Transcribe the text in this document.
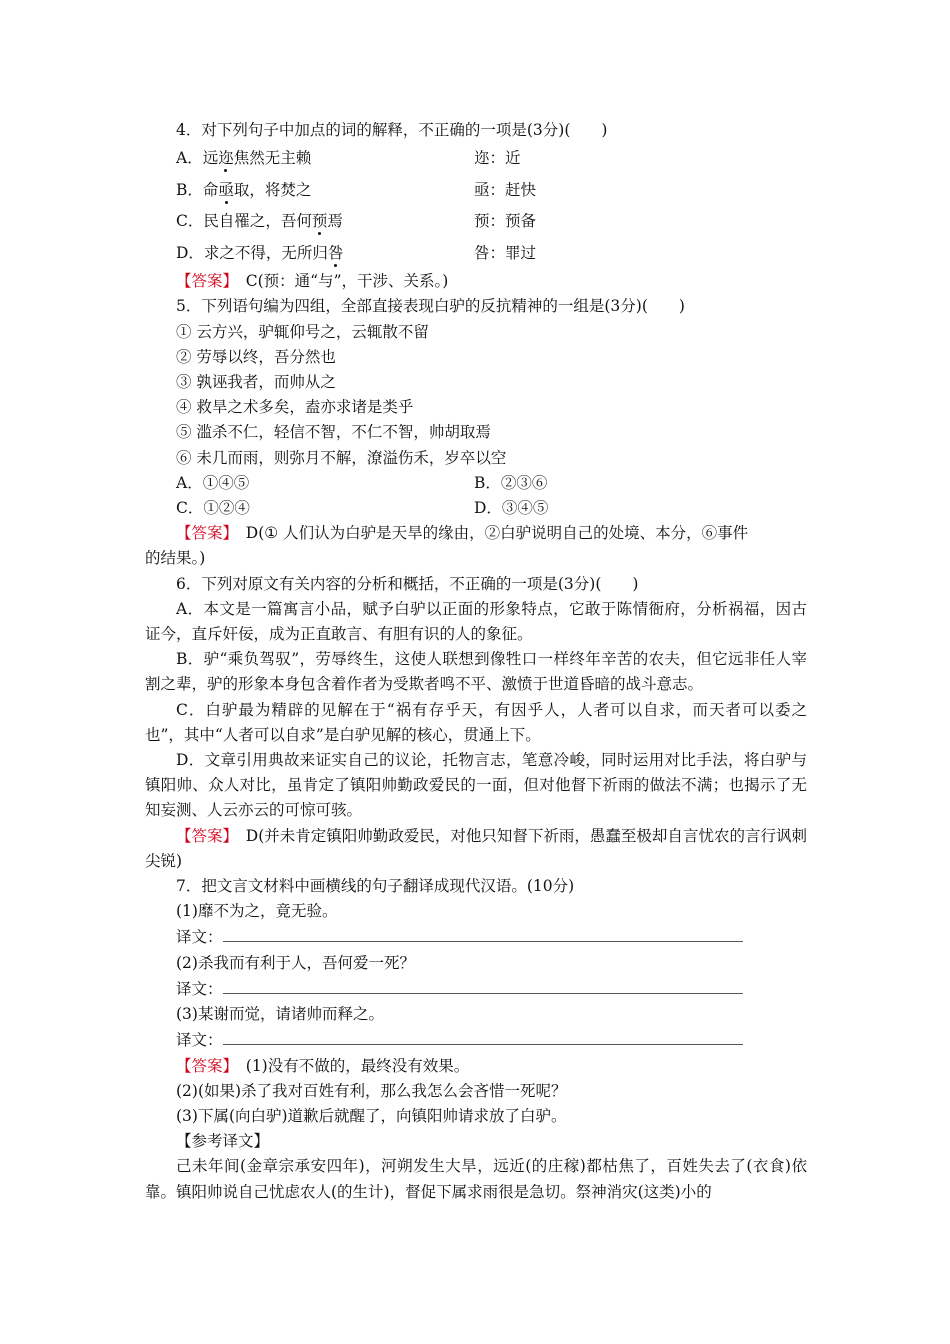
4．对下列句子中加点的词的解释，不正确的一项是(3分)(　　)
A．远迩焦然无主赖	迩：近
B．命亟取，将焚之	亟：赶快
C．民自罹之，吾何预焉	预：预备
D．求之不得，无所归咎	咎：罪过
【答案】　C(预：通“与”，干涉、关系。)
5．下列语句编为四组，全部直接表现白驴的反抗精神的一组是(3分)(　　)
① 云方兴，驴辄仰号之，云辄散不留
② 劳辱以终，吾分然也
③ 孰诬我者，而帅从之
④ 救旱之术多矣，盍亦求诸是类乎
⑤ 滥杀不仁，轻信不智，不仁不智，帅胡取焉
⑥ 未几而雨，则弥月不解，潦溢伤禾，岁卒以空
A．①④⑤	B．②③⑥
C．①②④	D．③④⑤
【答案】　D(① 人们认为白驴是天旱的缘由，②白驴说明自己的处境、本分，⑥事件
的结果。)
6．下列对原文有关内容的分析和概括，不正确的一项是(3分)(　　)
A．本文是一篇寓言小品，赋予白驴以正面的形象特点，它敢于陈情衙府，分析祸福，因古证今，直斥奸佞，成为正直敢言、有胆有识的人的象征。
B．驴“乘负驾驭”，劳辱终生，这使人联想到像牲口一样终年辛苦的农夫，但它远非任人宰割之辈，驴的形象本身包含着作者为受欺者鸣不平、激愤于世道昏暗的战斗意志。
C．白驴最为精辟的见解在于“祸有存乎天，有因乎人，人者可以自求，而天者可以委之也”，其中“人者可以自求”是白驴见解的核心，贯通上下。
D．文章引用典故来证实自己的议论，托物言志，笔意冷峻，同时运用对比手法，将白驴与镇阳帅、众人对比，虽肯定了镇阳帅勤政爱民的一面，但对他督下祈雨的做法不满；也揭示了无知妄测、人云亦云的可惊可骇。
【答案】　D(并未肯定镇阳帅勤政爱民，对他只知督下祈雨，愚蠢至极却自言忧农的言行讽刺尖锐)
7．把文言文材料中画横线的句子翻译成现代汉语。(10分)
(1)靡不为之，竟无验。
译文：
(2)杀我而有利于人，吾何爱一死？
译文：
(3)某谢而觉，请诸帅而释之。
译文：
【答案】　(1)没有不做的，最终没有效果。
(2)(如果)杀了我对百姓有利，那么我怎么会吝惜一死呢？
(3)下属(向白驴)道歉后就醒了，向镇阳帅请求放了白驴。
【参考译文】
己未年间(金章宗承安四年)，河朔发生大旱，远近(的庄稼)都枯焦了，百姓失去了(衣食)依靠。镇阳帅说自己忧虑农人(的生计)，督促下属求雨很是急切。祭神消灾(这类)小的
